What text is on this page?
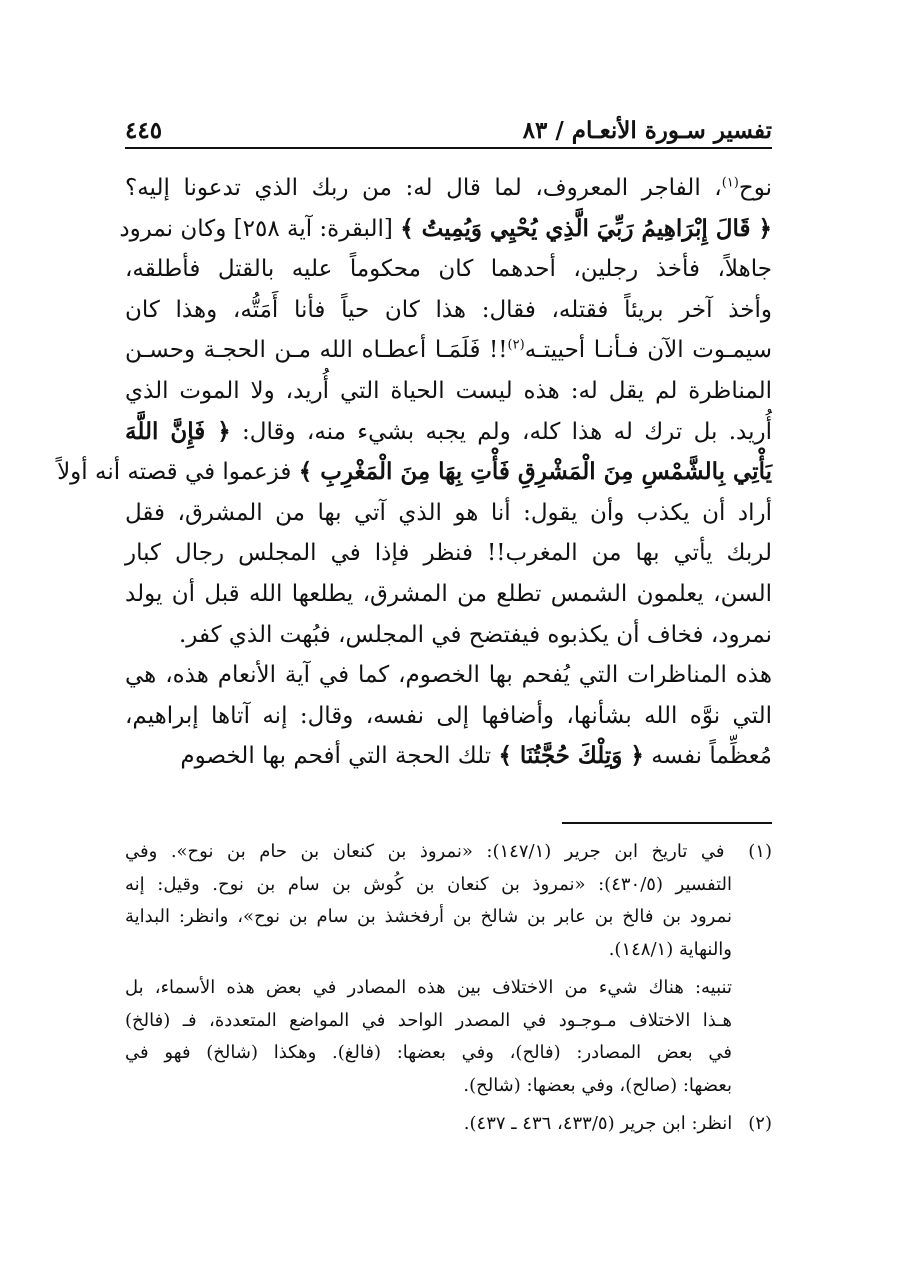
تفسير سـورة الأنعـام / ٨٣
٤٤٥
نوح$^{(١)}$، الفاجر المعروف، لما قال له: من ربك الذي تدعونا إليه؟
﴿ قَالَ إِبْرَاهِيمُ رَبِّيَ الَّذِي يُحْيِي وَيُمِيتُ ﴾ [البقرة: آية ٢٥٨] وكان نمرود
جاهلاً، فأخذ رجلين، أحدهما كان محكوماً عليه بالقتل فأطلقه،
وأخذ آخر بريئاً فقتله، فقال: هذا كان حياً فأنا أَمَتُّه، وهذا كان
سيمـوت الآن فـأنـا أحييتـه$^{(٢)}$!! فَلَمَـا أعطـاه الله مـن الحجـة وحسـن
المناظرة لم يقل له: هذه ليست الحياة التي أُريد، ولا الموت الذي
أُريد. بل ترك له هذا كله، ولم يجبه بشيء منه، وقال: ﴿ فَإِنَّ اللَّهَ
يَأْتِي بِالشَّمْسِ مِنَ الْمَشْرِقِ فَأْتِ بِهَا مِنَ الْمَغْرِبِ ﴾ فزعموا في قصته أنه أولاً
أراد أن يكذب وأن يقول: أنا هو الذي آتي بها من المشرق، فقل
لربك يأتي بها من المغرب!! فنظر فإذا في المجلس رجال كبار
السن، يعلمون الشمس تطلع من المشرق، يطلعها الله قبل أن يولد
نمرود، فخاف أن يكذبوه فيفتضح في المجلس، فبُهت الذي كفر.
هذه المناظرات التي يُفحم بها الخصوم، كما في آية الأنعام هذه، هي
التي نوَّه الله بشأنها، وأضافها إلى نفسه، وقال: إنه آتاها إبراهيم،
مُعظِّماً نفسه ﴿ وَتِلْكَ حُجَّتُنَا ﴾ تلك الحجة التي أفحم بها الخصوم
(١) في تاريخ ابن جرير (١٤٧/١): «نمروذ بن كنعان بن حام بن نوح». وفي
التفسير (٤٣٠/٥): «نمروذ بن كنعان بن كُوش بن سام بن نوح. وقيل: إنه
نمرود بن فالخ بن عابر بن شالخ بن أرفخشذ بن سام بن نوح»، وانظر: البداية
والنهاية (١٤٨/١).
تنبيه: هناك شيء من الاختلاف بين هذه المصادر في بعض هذه الأسماء، بل
هـذا الاختلاف مـوجـود في المصدر الواحد في المواضع المتعددة، فـ (فالخ)
في بعض المصادر: (فالح)، وفي بعضها: (فالغ). وهكذا (شالخ) فهو في
بعضها: (صالح)، وفي بعضها: (شالح).
(٢) انظر: ابن جرير (٤٣٣/٥، ٤٣٦ ـ ٤٣٧).
